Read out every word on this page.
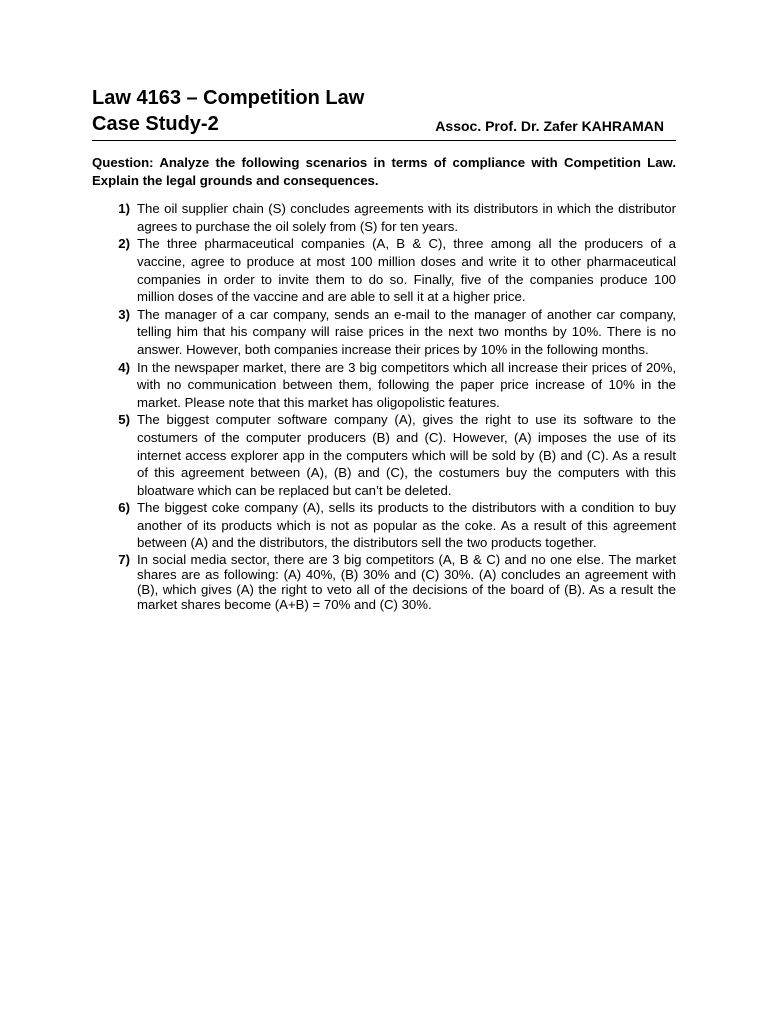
Law 4163 – Competition Law
Case Study-2	Assoc. Prof. Dr. Zafer KAHRAMAN
Question: Analyze the following scenarios in terms of compliance with Competition Law. Explain the legal grounds and consequences.
1) The oil supplier chain (S) concludes agreements with its distributors in which the distributor agrees to purchase the oil solely from (S) for ten years.
2) The three pharmaceutical companies (A, B & C), three among all the producers of a vaccine, agree to produce at most 100 million doses and write it to other pharmaceutical companies in order to invite them to do so. Finally, five of the companies produce 100 million doses of the vaccine and are able to sell it at a higher price.
3) The manager of a car company, sends an e-mail to the manager of another car company, telling him that his company will raise prices in the next two months by 10%. There is no answer. However, both companies increase their prices by 10% in the following months.
4) In the newspaper market, there are 3 big competitors which all increase their prices of 20%, with no communication between them, following the paper price increase of 10% in the market. Please note that this market has oligopolistic features.
5) The biggest computer software company (A), gives the right to use its software to the costumers of the computer producers (B) and (C). However, (A) imposes the use of its internet access explorer app in the computers which will be sold by (B) and (C). As a result of this agreement between (A), (B) and (C), the costumers buy the computers with this bloatware which can be replaced but can’t be deleted.
6) The biggest coke company (A), sells its products to the distributors with a condition to buy another of its products which is not as popular as the coke. As a result of this agreement between (A) and the distributors, the distributors sell the two products together.
7) In social media sector, there are 3 big competitors (A, B & C) and no one else. The market shares are as following: (A) 40%, (B) 30% and (C) 30%. (A) concludes an agreement with (B), which gives (A) the right to veto all of the decisions of the board of (B). As a result the market shares become (A+B) = 70% and (C) 30%.
